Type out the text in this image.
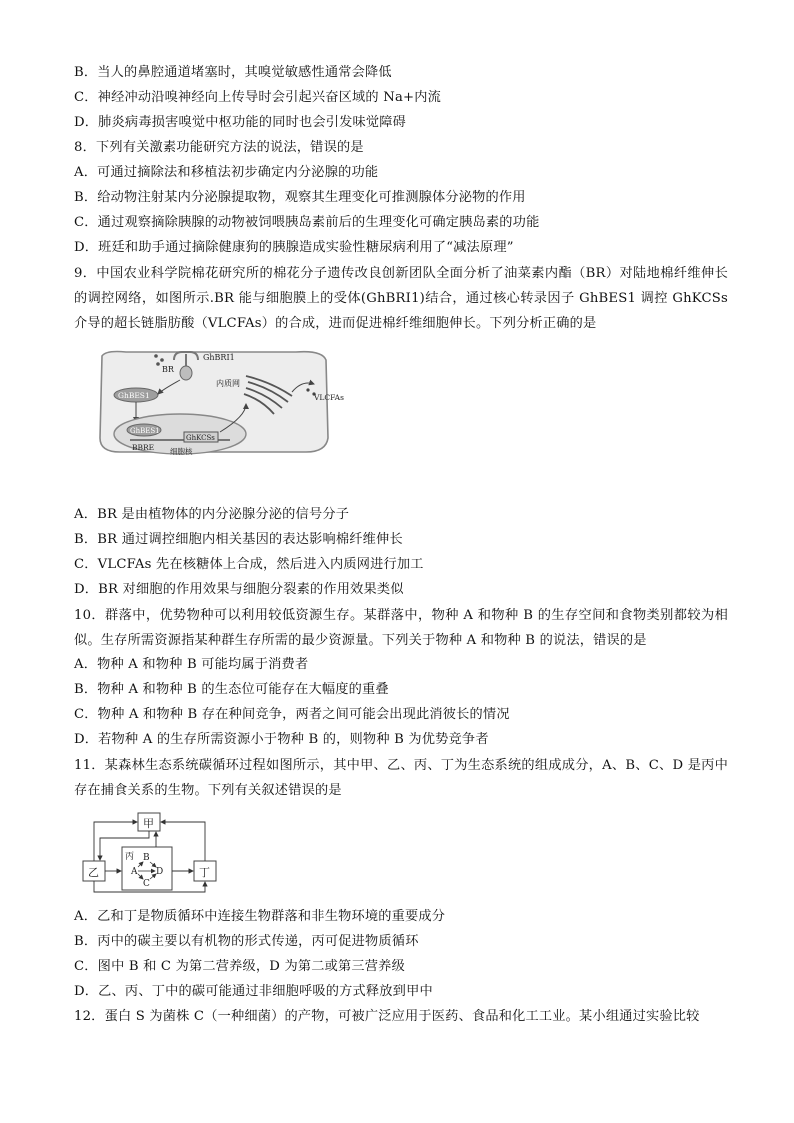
B．当人的鼻腔通道堵塞时，其嗅觉敏感性通常会降低
C．神经冲动沿嗅神经向上传导时会引起兴奋区域的 Na+内流
D．肺炎病毒损害嗅觉中枢功能的同时也会引发味觉障碍
8．下列有关激素功能研究方法的说法，错误的是
A．可通过摘除法和移植法初步确定内分泌腺的功能
B．给动物注射某内分泌腺提取物，观察其生理变化可推测腺体分泌物的作用
C．通过观察摘除胰腺的动物被饲喂胰岛素前后的生理变化可确定胰岛素的功能
D．班廷和助手通过摘除健康狗的胰腺造成实验性糖尿病利用了“减法原理”
9．中国农业科学院棉花研究所的棉花分子遗传改良创新团队全面分析了油菜素内酯（BR）对陆地棉纤维伸长的调控网络，如图所示.BR 能与细胞膜上的受体(GhBRI1)结合，通过核心转录因子 GhBES1 调控 GhKCSs 介导的超长链脂肪酸（VLCFAs）的合成，进而促进棉纤维细胞伸长。下列分析正确的是
BR
GhBRI1
内质网
VLCFAs
GhBES1
GhBES1
GhKCSs
BBRE 细胞核
A．BR 是由植物体的内分泌腺分泌的信号分子
B．BR 通过调控细胞内相关基因的表达影响棉纤维伸长
C．VLCFAs 先在核糖体上合成，然后进入内质网进行加工
D．BR 对细胞的作用效果与细胞分裂素的作用效果类似
10．群落中，优势物种可以利用较低资源生存。某群落中，物种 A 和物种 B 的生存空间和食物类别都较为相似。生存所需资源指某种群生存所需的最少资源量。下列关于物种 A 和物种 B 的说法，错误的是
A．物种 A 和物种 B 可能均属于消费者
B．物种 A 和物种 B 的生态位可能存在大幅度的重叠
C．物种 A 和物种 B 存在种间竞争，两者之间可能会出现此消彼长的情况
D．若物种 A 的生存所需资源小于物种 B 的，则物种 B 为优势竞争者
11．某森林生态系统碳循环过程如图所示，其中甲、乙、丙、丁为生态系统的组成成分，A、B、C、D 是丙中存在捕食关系的生物。下列有关叙述错误的是
甲
乙	丁
丙 B
A D
C
A．乙和丁是物质循环中连接生物群落和非生物环境的重要成分
B．丙中的碳主要以有机物的形式传递，丙可促进物质循环
C．图中 B 和 C 为第二营养级，D 为第二或第三营养级
D．乙、丙、丁中的碳可能通过非细胞呼吸的方式释放到甲中
12．蛋白 S 为菌株 C（一种细菌）的产物，可被广泛应用于医药、食品和化工工业。某小组通过实验比较
